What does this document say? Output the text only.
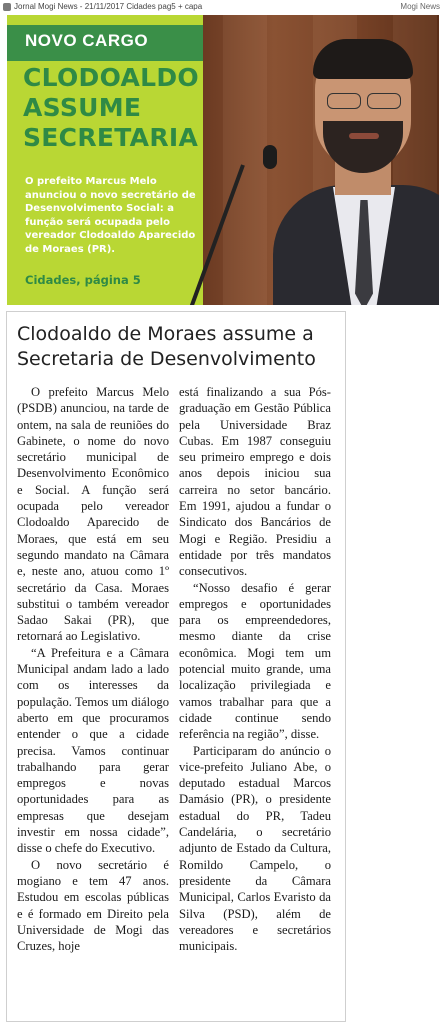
Jornal Mogi News - 21/11/2017 Cidades pag5 + capa	Mogi News
NOVO CARGO
CLODOALDO
ASSUME
SECRETARIA
O prefeito Marcus Melo anunciou o novo secretário de Desenvolvimento Social: a função será ocupada pelo vereador Clodoaldo Aparecido de Moraes (PR).
Cidades, página 5
Clodoaldo de Moraes assume a Secretaria de Desenvolvimento

O prefeito Marcus Melo (PSDB) anunciou, na tarde de ontem, na sala de reuniões do Gabinete, o nome do novo secretário municipal de Desenvolvimento Econômico e Social. A função será ocupada pelo vereador Clodoaldo Aparecido de Moraes, que está em seu segundo mandato na Câmara e, neste ano, atuou como 1º secretário da Casa. Moraes substitui o também vereador Sadao Sakai (PR), que retornará ao Legislativo.

“A Prefeitura e a Câmara Municipal andam lado a lado com os interesses da população. Temos um diálogo aberto em que procuramos entender o que a cidade precisa. Vamos continuar trabalhando para gerar empregos e novas oportunidades para as empresas que desejam investir em nossa cidade”, disse o chefe do Executivo.

O novo secretário é mogiano e tem 47 anos. Estudou em escolas públicas e é formado em Direito pela Universidade de Mogi das Cruzes, hoje

está finalizando a sua Pós-graduação em Gestão Pública pela Universidade Braz Cubas. Em 1987 conseguiu seu primeiro emprego e dois anos depois iniciou sua carreira no setor bancário. Em 1991, ajudou a fundar o Sindicato dos Bancários de Mogi e Região. Presidiu a entidade por três mandatos consecutivos.

“Nosso desafio é gerar empregos e oportunidades para os empreendedores, mesmo diante da crise econômica. Mogi tem um potencial muito grande, uma localização privilegiada e vamos trabalhar para que a cidade continue sendo referência na região”, disse.

Participaram do anúncio o vice-prefeito Juliano Abe, o deputado estadual Marcos Damásio (PR), o presidente estadual do PR, Tadeu Candelária, o secretário adjunto de Estado da Cultura, Romildo Campelo, o presidente da Câmara Municipal, Carlos Evaristo da Silva (PSD), além de vereadores e secretários municipais.
